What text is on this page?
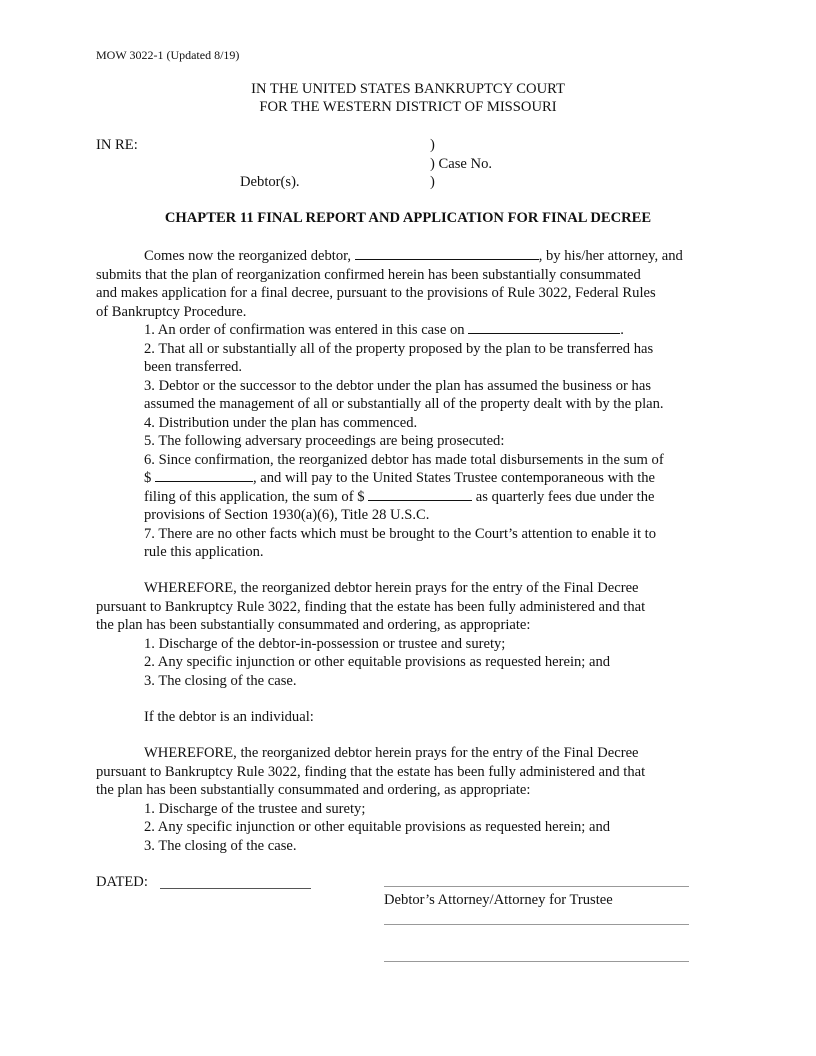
MOW 3022-1 (Updated 8/19)
IN THE UNITED STATES BANKRUPTCY COURT
FOR THE WESTERN DISTRICT OF MISSOURI
IN RE:	)
) Case No.
Debtor(s).	)
CHAPTER 11 FINAL REPORT AND APPLICATION FOR FINAL DECREE
Comes now the reorganized debtor,	, by his/her attorney, and
submits that the plan of reorganization confirmed herein has been substantially consummated
and makes application for a final decree, pursuant to the provisions of Rule 3022, Federal Rules
of Bankruptcy Procedure.
1. An order of confirmation was entered in this case on	.
2. That all or substantially all of the property proposed by the plan to be transferred has
been transferred.
3. Debtor or the successor to the debtor under the plan has assumed the business or has
assumed the management of all or substantially all of the property dealt with by the plan.
4. Distribution under the plan has commenced.
5. The following adversary proceedings are being prosecuted:
6. Since confirmation, the reorganized debtor has made total disbursements in the sum of
$	, and will pay to the United States Trustee contemporaneous with the
filing of this application, the sum of $	as quarterly fees due under the
provisions of Section 1930(a)(6), Title 28 U.S.C.
7. There are no other facts which must be brought to the Court’s attention to enable it to
rule this application.
WHEREFORE, the reorganized debtor herein prays for the entry of the Final Decree
pursuant to Bankruptcy Rule 3022, finding that the estate has been fully administered and that
the plan has been substantially consummated and ordering, as appropriate:
1. Discharge of the debtor-in-possession or trustee and surety;
2. Any specific injunction or other equitable provisions as requested herein; and
3. The closing of the case.
If the debtor is an individual:
WHEREFORE, the reorganized debtor herein prays for the entry of the Final Decree
pursuant to Bankruptcy Rule 3022, finding that the estate has been fully administered and that
the plan has been substantially consummated and ordering, as appropriate:
1. Discharge of the trustee and surety;
2. Any specific injunction or other equitable provisions as requested herein; and
3. The closing of the case.
DATED:
Debtor’s Attorney/Attorney for Trustee
